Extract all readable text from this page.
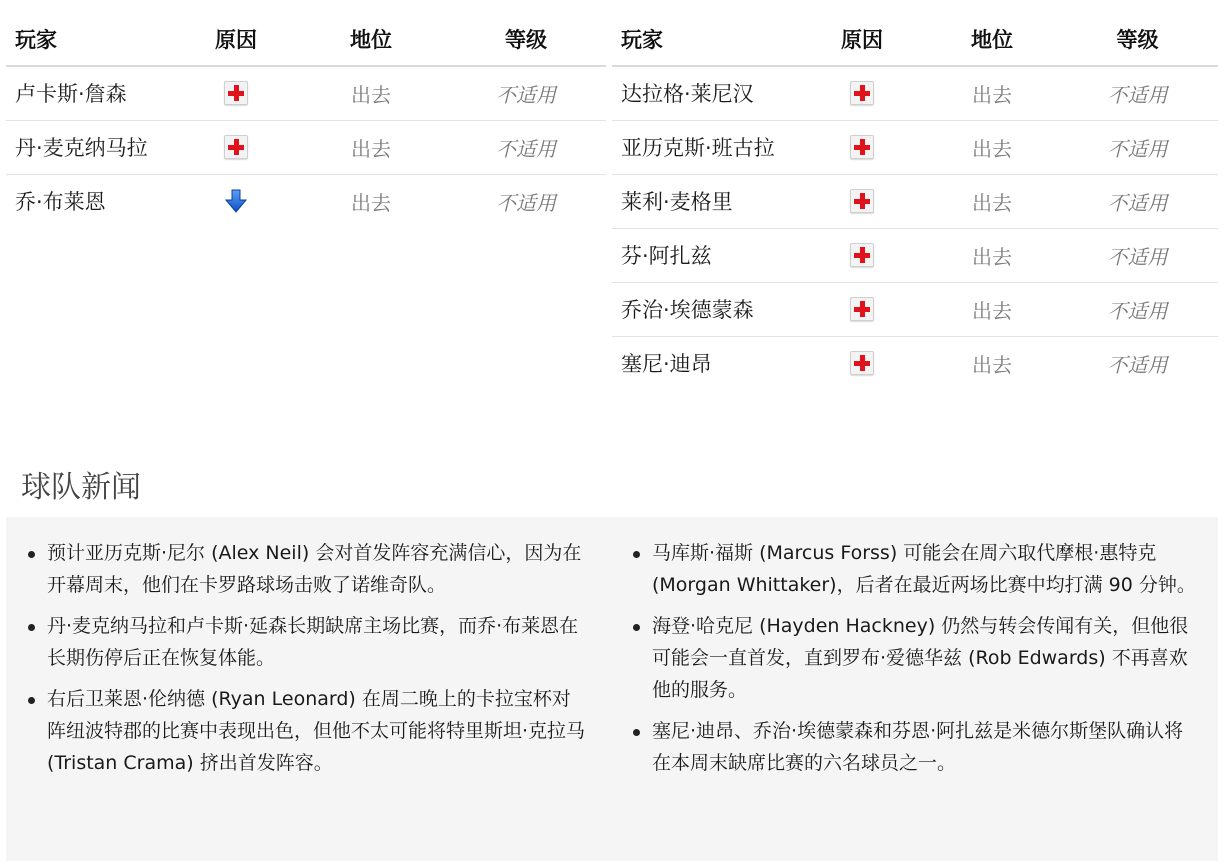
玩家	原因	地位	等级
卢卡斯·詹森		出去	不适用
丹·麦克纳马拉		出去	不适用
乔·布莱恩		出去	不适用
玩家	原因	地位	等级
达拉格·莱尼汉		出去	不适用
亚历克斯·班古拉		出去	不适用
莱利·麦格里		出去	不适用
芬·阿扎兹		出去	不适用
乔治·埃德蒙森		出去	不适用
塞尼·迪昂		出去	不适用
球队新闻
预计亚历克斯·尼尔 (Alex Neil) 会对首发阵容充满信心，因为在开幕周末，他们在卡罗路球场击败了诺维奇队。
丹·麦克纳马拉和卢卡斯·延森长期缺席主场比赛，而乔·布莱恩在长期伤停后正在恢复体能。
右后卫莱恩·伦纳德 (Ryan Leonard) 在周二晚上的卡拉宝杯对阵纽波特郡的比赛中表现出色，但他不太可能将特里斯坦·克拉马 (Tristan Crama) 挤出首发阵容。
马库斯·福斯 (Marcus Forss) 可能会在周六取代摩根·惠特克 (Morgan Whittaker)，后者在最近两场比赛中均打满 90 分钟。
海登·哈克尼 (Hayden Hackney) 仍然与转会传闻有关，但他很可能会一直首发，直到罗布·爱德华兹 (Rob Edwards) 不再喜欢他的服务。
塞尼·迪昂、乔治·埃德蒙森和芬恩·阿扎兹是米德尔斯堡队确认将在本周末缺席比赛的六名球员之一。
